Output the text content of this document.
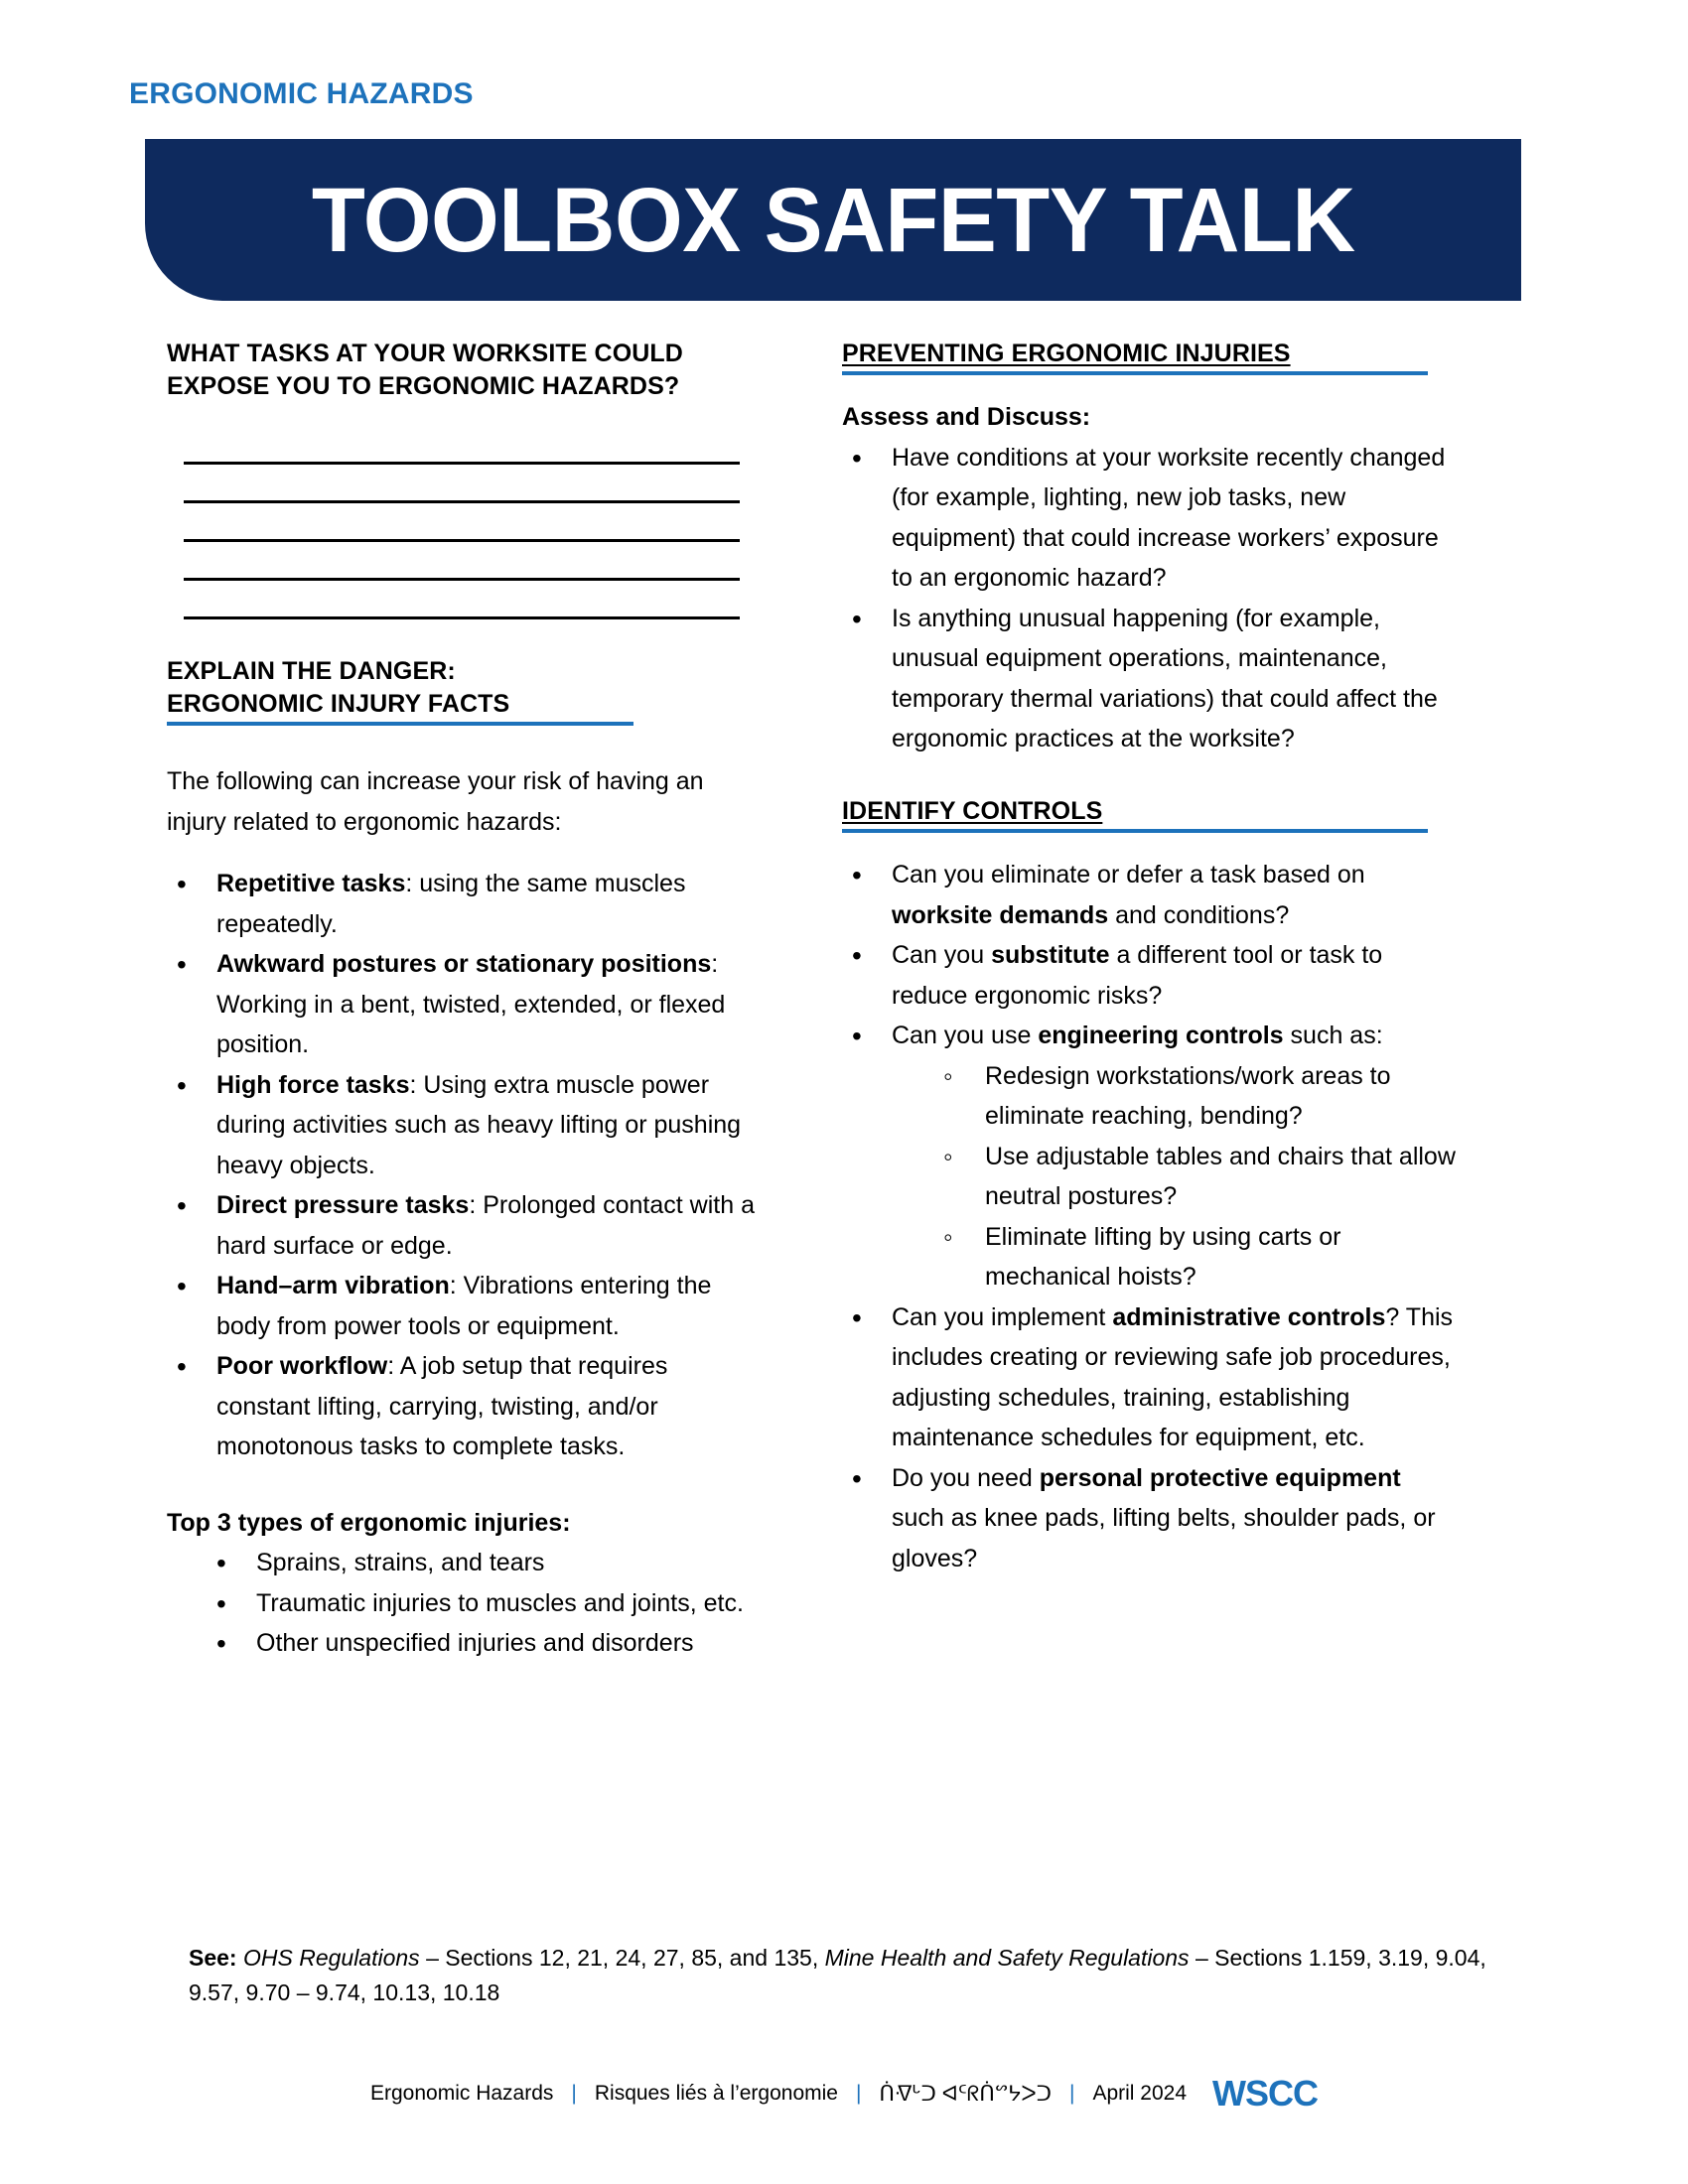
ERGONOMIC HAZARDS
TOOLBOX SAFETY TALK
WHAT TASKS AT YOUR WORKSITE COULD
EXPOSE YOU TO ERGONOMIC HAZARDS?
EXPLAIN THE DANGER:
ERGONOMIC INJURY FACTS

The following can increase your risk of having an injury related to ergonomic hazards:

• Repetitive tasks: using the same muscles repeatedly.
• Awkward postures or stationary positions: Working in a bent, twisted, extended, or flexed position.
• High force tasks: Using extra muscle power during activities such as heavy lifting or pushing heavy objects.
• Direct pressure tasks: Prolonged contact with a hard surface or edge.
• Hand–arm vibration: Vibrations entering the body from power tools or equipment.
• Poor workflow: A job setup that requires constant lifting, carrying, twisting, and/or monotonous tasks to complete tasks.

Top 3 types of ergonomic injuries:

• Sprains, strains, and tears
• Traumatic injuries to muscles and joints, etc.
• Other unspecified injuries and disorders
PREVENTING ERGONOMIC INJURIES

Assess and Discuss:

• Have conditions at your worksite recently changed (for example, lighting, new job tasks, new equipment) that could increase workers’ exposure to an ergonomic hazard?
• Is anything unusual happening (for example, unusual equipment operations, maintenance, temporary thermal variations) that could affect the ergonomic practices at the worksite?
IDENTIFY CONTROLS
• Can you eliminate or defer a task based on worksite demands and conditions?
• Can you substitute a different tool or task to reduce ergonomic risks?
• Can you use engineering controls such as:
◦ Redesign workstations/work areas to eliminate reaching, bending?
◦ Use adjustable tables and chairs that allow neutral postures?
◦ Eliminate lifting by using carts or mechanical hoists?
• Can you implement administrative controls? This includes creating or reviewing safe job procedures, adjusting schedules, training, establishing maintenance schedules for equipment, etc.
• Do you need personal protective equipment such as knee pads, lifting belts, shoulder pads, or gloves?
See: OHS Regulations – Sections 12, 21, 24, 27, 85, and 135, Mine Health and Safety Regulations – Sections 1.159, 3.19, 9.04, 9.57, 9.70 – 9.74, 10.13, 10.18
Ergonomic Hazards | Risques liés à l’ergonomie | ᑏᐌᒡᑐ ᐊᑦᖇᑏᔥᔭᐳᑐ | April 2024 WSCC
